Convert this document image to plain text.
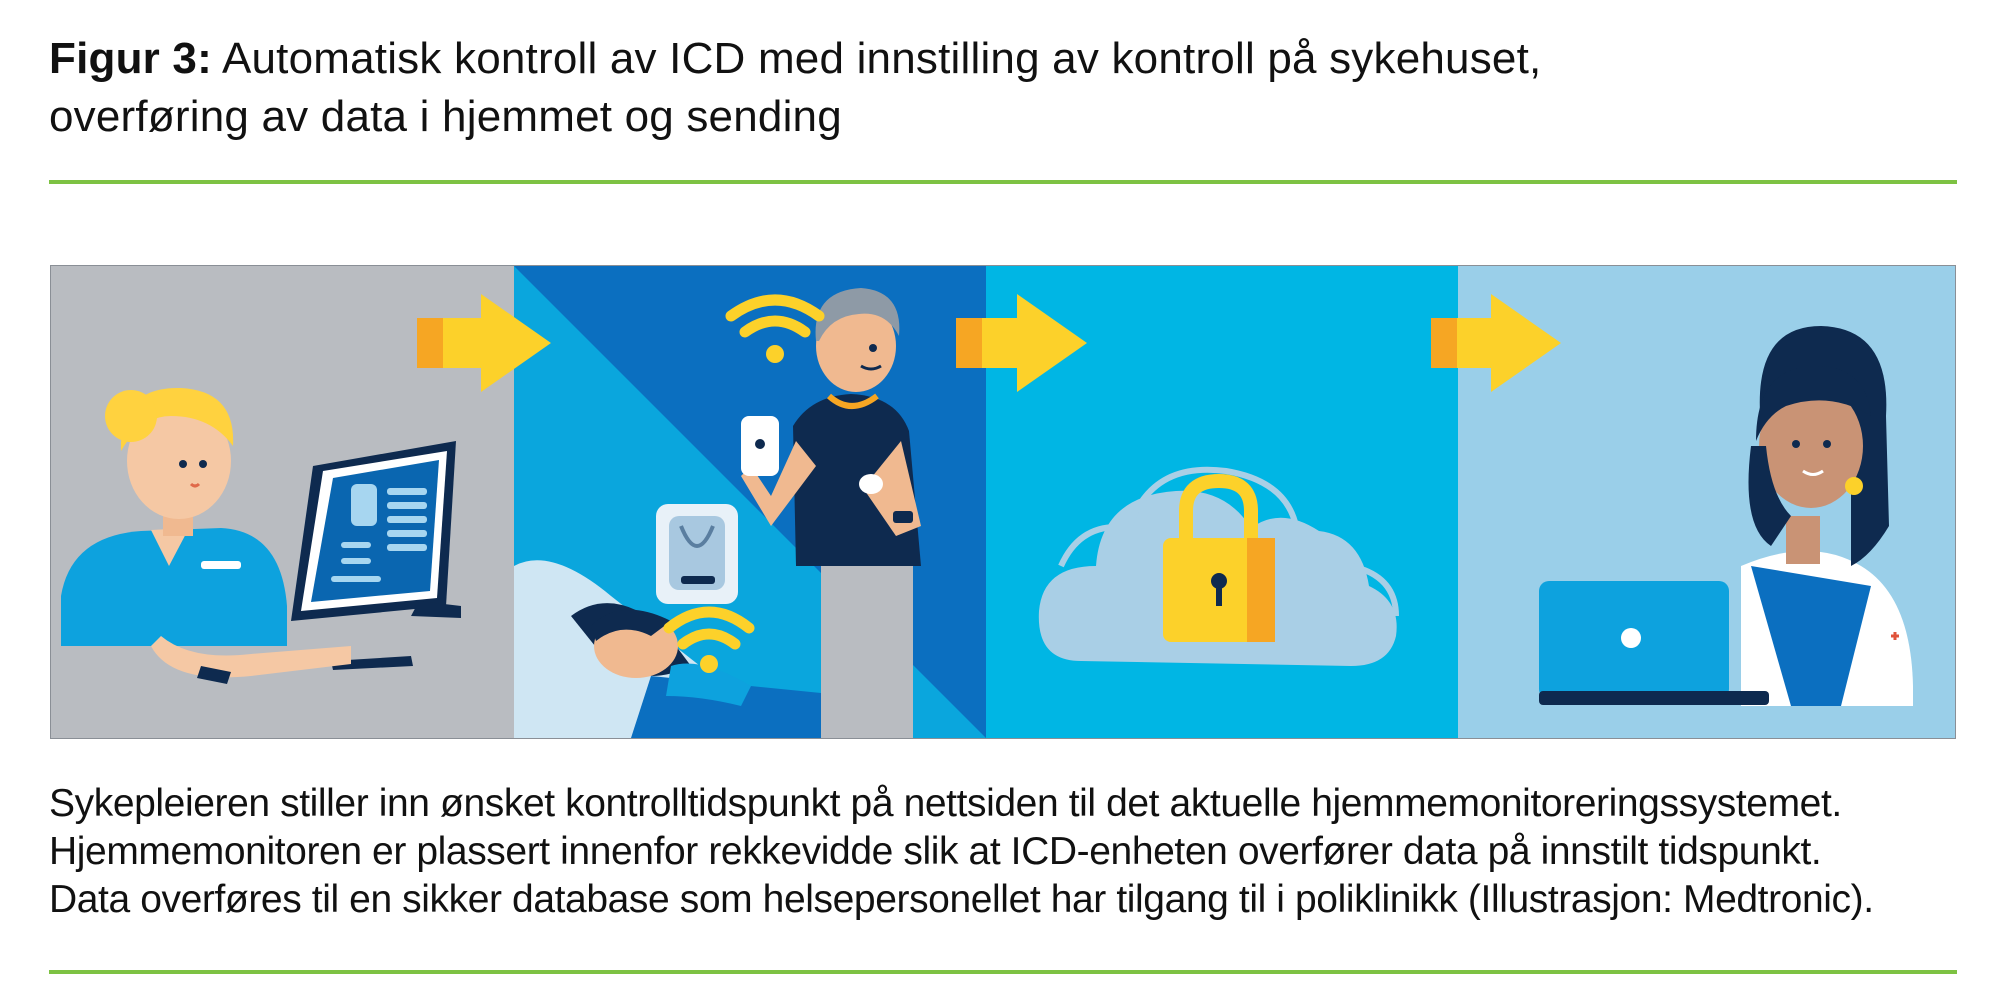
Figur 3: Automatisk kontroll av ICD med innstilling av kontroll på sykehuset,
overføring av data i hjemmet og sending

Sykepleieren stiller inn ønsket kontrolltidspunkt på nettsiden til det aktuelle hjemmemonitoreringssystemet.

Hjemmemonitoren er plassert innenfor rekkevidde slik at ICD-enheten overfører data på innstilt tidspunkt.

Data overføres til en sikker database som helsepersonellet har tilgang til i poliklinikk (Illustrasjon: Medtronic).
